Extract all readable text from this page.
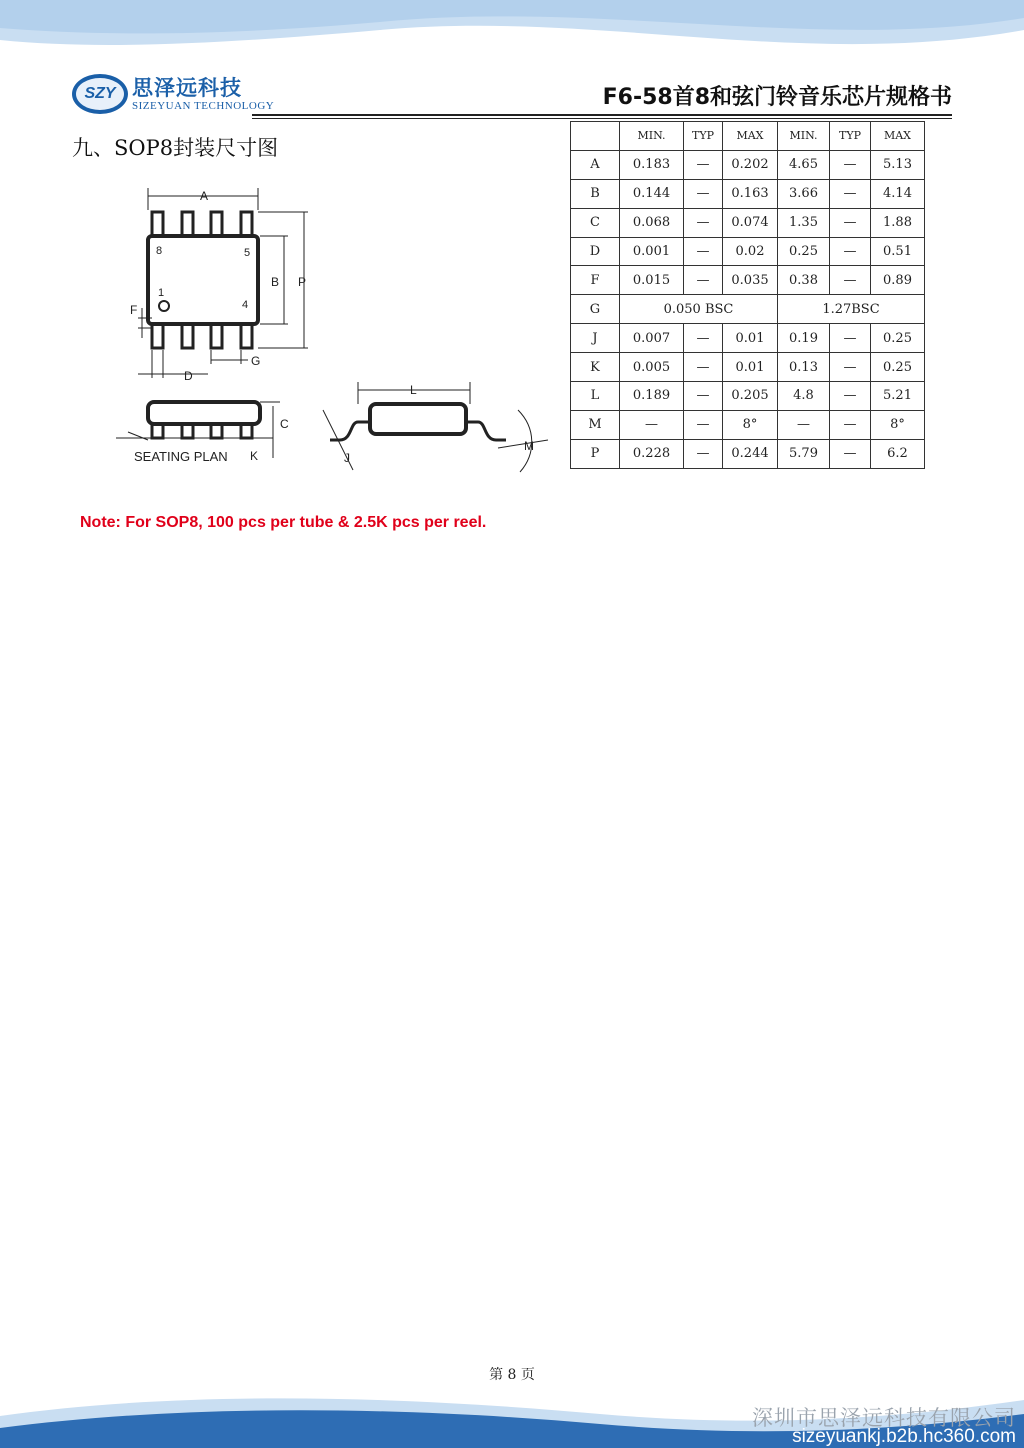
SZY 思泽远科技
SIZEYUAN TECHNOLOGY	F6-58首8和弦门铃音乐芯片规格书
九、SOP8封装尺寸图
A
8	5
1
4
B P
F
D
G
SEATING PLAN
C
K
L
J
M
	MIN.	TYP	MAX	MIN.	TYP	MAX
A	0.183	—	0.202	4.65	—	5.13
B	0.144	—	0.163	3.66	—	4.14
C	0.068	—	0.074	1.35	—	1.88
D	0.001	—	0.02	0.25	—	0.51
F	0.015	—	0.035	0.38	—	0.89
G	0.050 BSC			1.27BSC		
J	0.007	—	0.01	0.19	—	0.25
K	0.005	—	0.01	0.13	—	0.25
L	0.189	—	0.205	4.8	—	5.21
M	—	—	8°	—	—	8°
P	0.228	—	0.244	5.79	—	6.2
Note: For SOP8, 100 pcs per tube & 2.5K pcs per reel.
第 8 页
深圳市思泽远科技有限公司
sizeyuankj.b2b.hc360.com
